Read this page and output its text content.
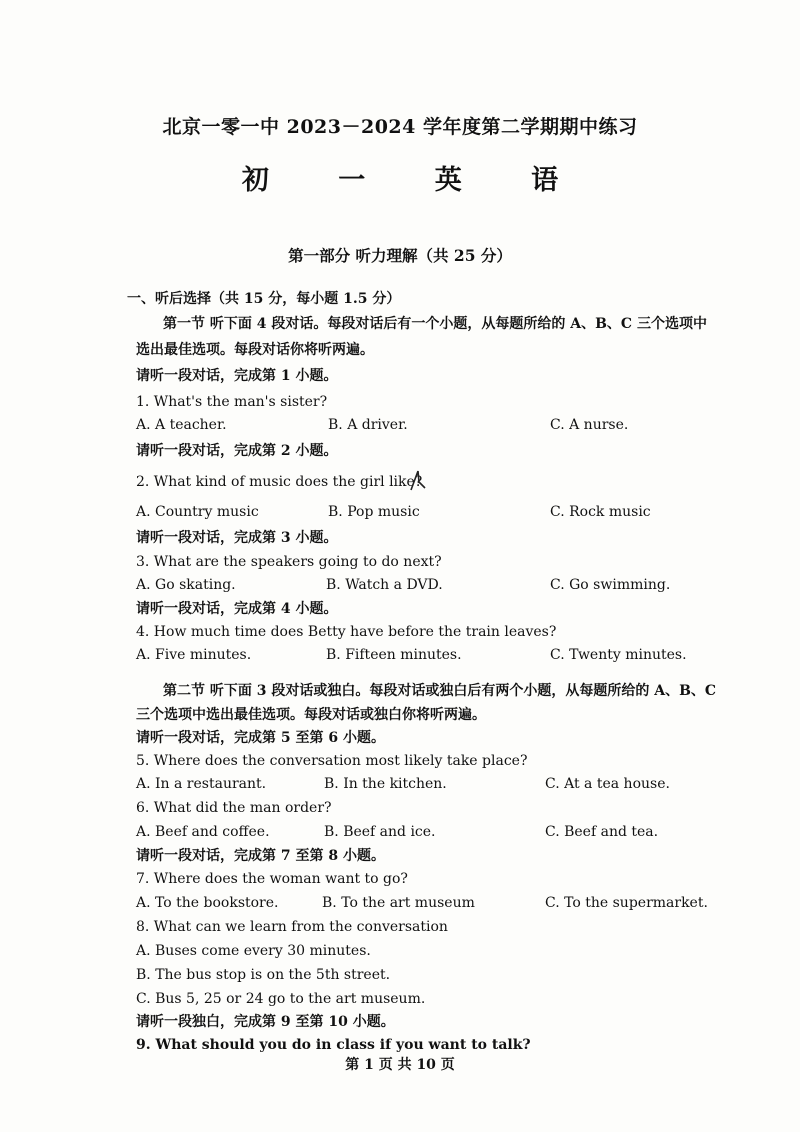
北京一零一中 2023－2024 学年度第二学期期中练习
初 一 英 语
第一部分 听力理解（共 25 分）
一、听后选择（共 15 分，每小题 1.5 分）
第一节 听下面 4 段对话。每段对话后有一个小题，从每题所给的 A、B、C 三个选项中
选出最佳选项。每段对话你将听两遍。
请听一段对话，完成第 1 小题。
1. What's the man's sister?
A. A teacher.	B. A driver.	C. A nurse.
请听一段对话，完成第 2 小题。
2. What kind of music does the girl like?
A. Country music	B. Pop music	C. Rock music
请听一段对话，完成第 3 小题。
3. What are the speakers going to do next?
A. Go skating.	B. Watch a DVD.	C. Go swimming.
请听一段对话，完成第 4 小题。
4. How much time does Betty have before the train leaves?
A. Five minutes.	B. Fifteen minutes.	C. Twenty minutes.
第二节 听下面 3 段对话或独白。每段对话或独白后有两个小题，从每题所给的 A、B、C
三个选项中选出最佳选项。每段对话或独白你将听两遍。
请听一段对话，完成第 5 至第 6 小题。
5. Where does the conversation most likely take place?
A. In a restaurant.	B. In the kitchen.	C. At a tea house.
6. What did the man order?
A. Beef and coffee.	B. Beef and ice.	C. Beef and tea.
请听一段对话，完成第 7 至第 8 小题。
7. Where does the woman want to go?
A. To the bookstore.	B. To the art museum	C. To the supermarket.
8. What can we learn from the conversation
A. Buses come every 30 minutes.
B. The bus stop is on the 5th street.
C. Bus 5, 25 or 24 go to the art museum.
请听一段独白，完成第 9 至第 10 小题。
9. What should you do in class if you want to talk?
第 1 页 共 10 页
